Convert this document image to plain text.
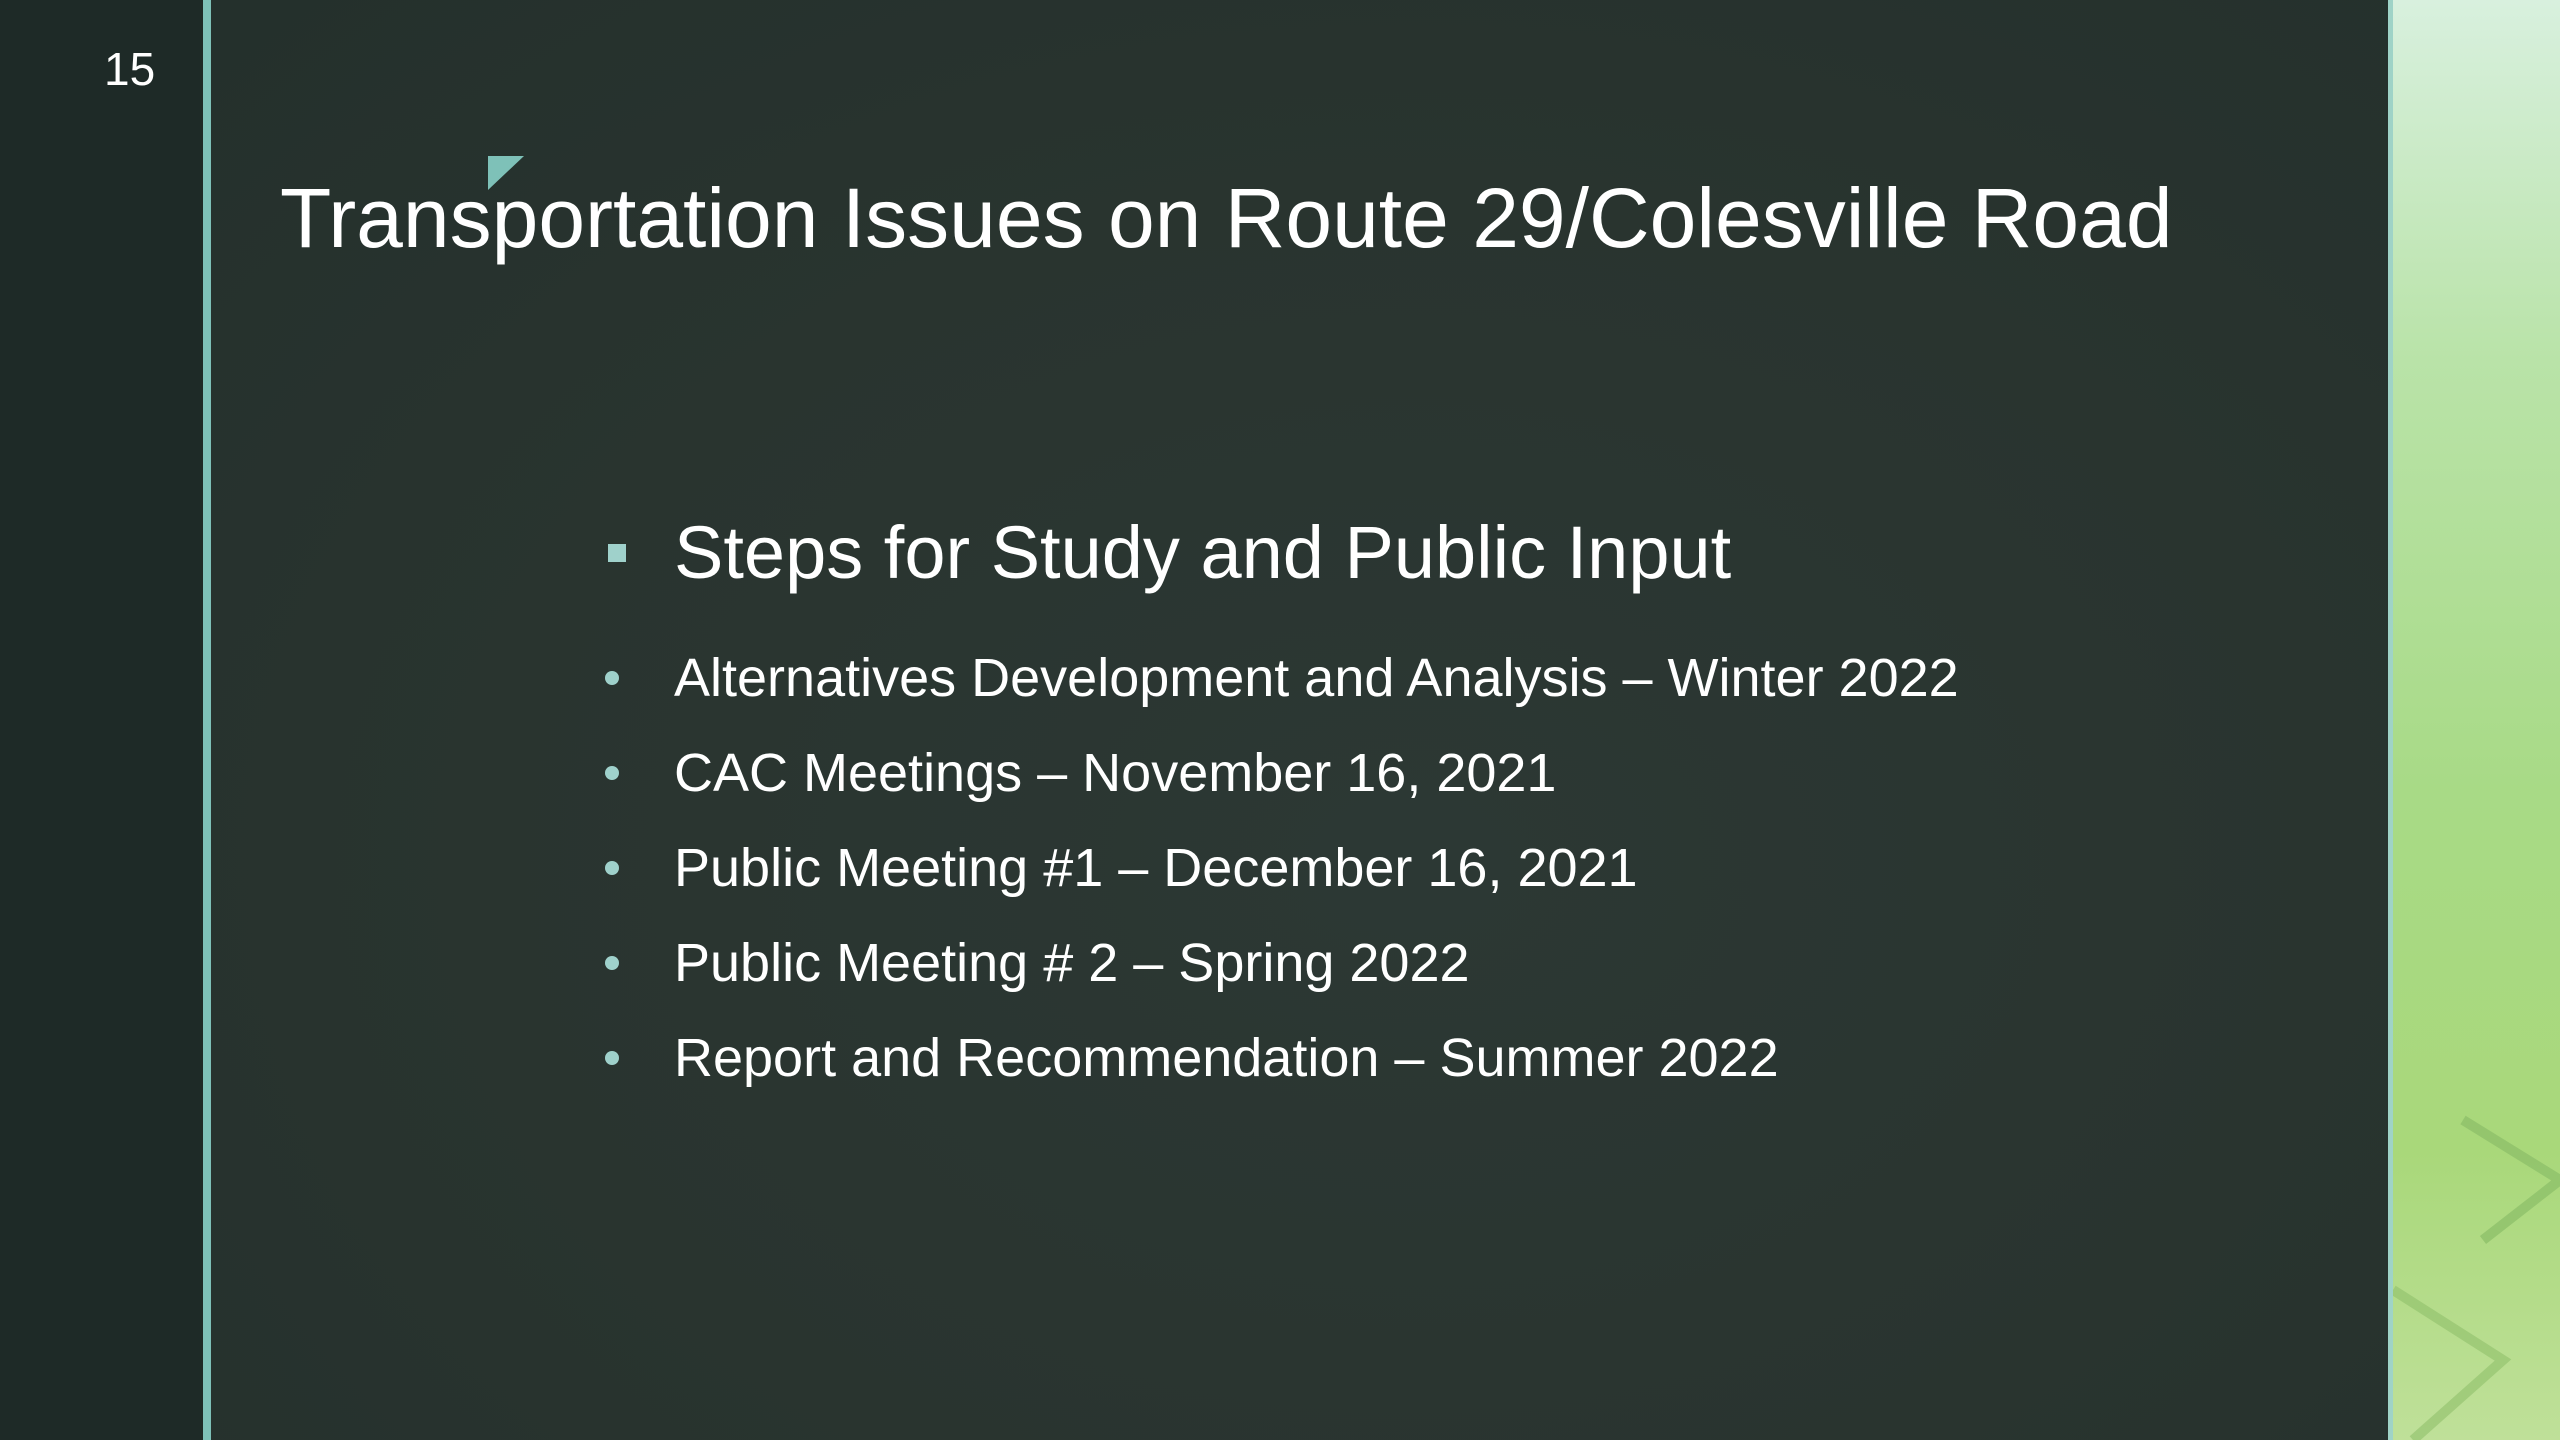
15
Transportation Issues on Route 29/Colesville Road
Steps for Study and Public Input
Alternatives Development and Analysis – Winter 2022
CAC Meetings – November 16, 2021
Public Meeting #1 – December 16, 2021
Public Meeting # 2 – Spring 2022
Report and Recommendation – Summer 2022
